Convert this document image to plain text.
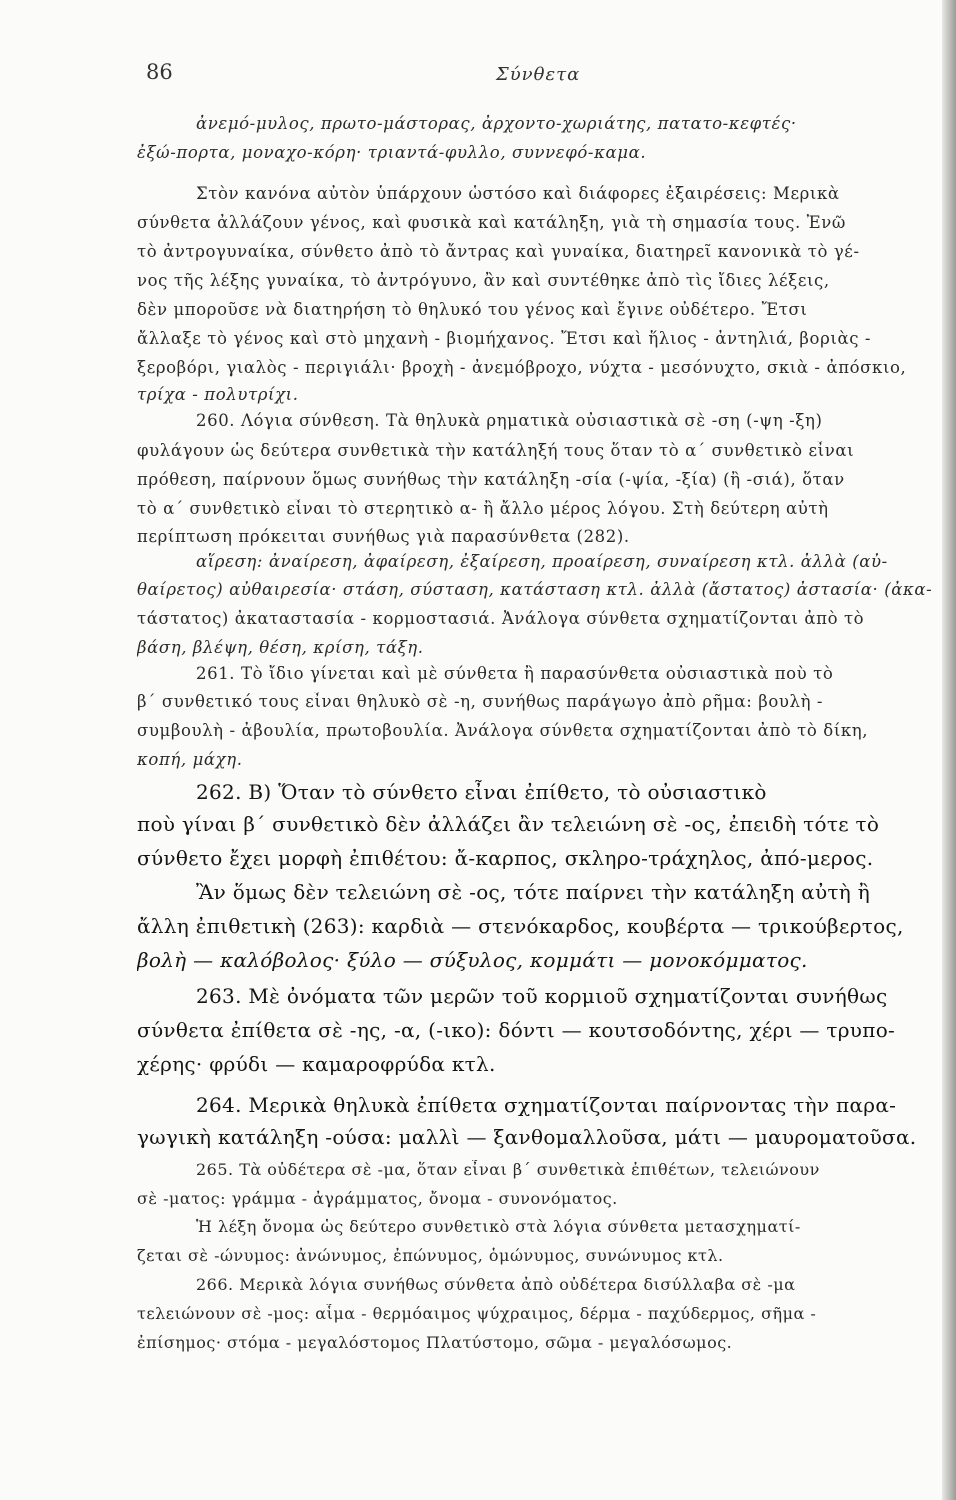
86	Σύνθετα
ἀνεμό-μυλος, πρωτο-μάστορας, ἀρχοντο-χωριάτης, πατατο-κεφτές·
ἐξώ-πορτα, μοναχο-κόρη· τριαντά-φυλλο, συννεφό-καμα.
Στὸν κανόνα αὐτὸν ὑπάρχουν ὡστόσο καὶ διάφορες ἐξαιρέσεις: Μερικὰ
σύνθετα ἀλλάζουν γένος, καὶ φυσικὰ καὶ κατάληξη, γιὰ τὴ σημασία τους. Ἐνῶ
τὸ ἀντρογυναίκα, σύνθετο ἀπὸ τὸ ἄντρας καὶ γυναίκα, διατηρεῖ κανονικὰ τὸ γέ-
νος τῆς λέξης γυναίκα, τὸ ἀντρόγυνο, ἂν καὶ συντέθηκε ἀπὸ τὶς ἴδιες λέξεις,
δὲν μποροῦσε νὰ διατηρήση τὸ θηλυκό του γένος καὶ ἔγινε οὐδέτερο. Ἔτσι
ἄλλαξε τὸ γένος καὶ στὸ μηχανὴ - βιομήχανος. Ἔτσι καὶ ἥλιος - ἀντηλιά, βοριὰς -
ξεροβόρι, γιαλὸς - περιγιάλι· βροχὴ - ἀνεμόβροχο, νύχτα - μεσόνυχτο, σκιὰ - ἀπόσκιο,
τρίχα - πολυτρίχι.
260. Λόγια σύνθεση. Τὰ θηλυκὰ ρηματικὰ οὐσιαστικὰ σὲ -ση (-ψη -ξη)
φυλάγουν ὡς δεύτερα συνθετικὰ τὴν κατάληξή τους ὅταν τὸ α΄ συνθετικὸ εἶναι
πρόθεση, παίρνουν ὅμως συνήθως τὴν κατάληξη -σία (-ψία, -ξία) (ἢ -σιά), ὅταν
τὸ α΄ συνθετικὸ εἶναι τὸ στερητικὸ α- ἢ ἄλλο μέρος λόγου. Στὴ δεύτερη αὐτὴ
περίπτωση πρόκειται συνήθως γιὰ παρασύνθετα (282).
αἵρεση: ἀναίρεση, ἀφαίρεση, ἐξαίρεση, προαίρεση, συναίρεση κτλ. ἀλλὰ (αὐ-
θαίρετος) αὐθαιρεσία· στάση, σύσταση, κατάσταση κτλ. ἀλλὰ (ἄστατος) ἀστασία· (ἀκα-
τάστατος) ἀκαταστασία - κορμοστασιά. Ἀνάλογα σύνθετα σχηματίζονται ἀπὸ τὸ
βάση, βλέψη, θέση, κρίση, τάξη.
261. Τὸ ἴδιο γίνεται καὶ μὲ σύνθετα ἢ παρασύνθετα οὐσιαστικὰ ποὺ τὸ
β΄ συνθετικό τους εἶναι θηλυκὸ σὲ -η, συνήθως παράγωγο ἀπὸ ρῆμα: βουλὴ -
συμβουλὴ - ἀβουλία, πρωτοβουλία. Ἀνάλογα σύνθετα σχηματίζονται ἀπὸ τὸ δίκη,
κοπή, μάχη.
262. Β) Ὅταν τὸ σύνθετο εἶναι ἐπίθετο, τὸ οὐσιαστικὸ
ποὺ γίναι β΄ συνθετικὸ δὲν ἀλλάζει ἂν τελειώνη σὲ -ος, ἐπειδὴ τότε τὸ
σύνθετο ἔχει μορφὴ ἐπιθέτου: ἄ-καρπος, σκληρο-τράχηλος, ἀπό-μερος.
Ἂν ὅμως δὲν τελειώνη σὲ -ος, τότε παίρνει τὴν κατάληξη αὐτὴ ἢ
ἄλλη ἐπιθετικὴ (263): καρδιὰ — στενόκαρδος, κουβέρτα — τρικούβερτος,
βολὴ — καλόβολος· ξύλο — σύξυλος, κομμάτι — μονοκόμματος.
263. Μὲ ὀνόματα τῶν μερῶν τοῦ κορμιοῦ σχηματίζονται συνήθως
σύνθετα ἐπίθετα σὲ -ης, -α, (-ικο): δόντι — κουτσοδόντης, χέρι — τρυπο-
χέρης· φρύδι — καμαροφρύδα κτλ.
264. Μερικὰ θηλυκὰ ἐπίθετα σχηματίζονται παίρνοντας τὴν παρα-
γωγικὴ κατάληξη -ούσα: μαλλὶ — ξανθομαλλοῦσα, μάτι — μαυροματοῦσα.
265. Τὰ οὐδέτερα σὲ -μα, ὅταν εἶναι β΄ συνθετικὰ ἐπιθέτων, τελειώνουν
σὲ -ματος: γράμμα - ἀγράμματος, ὄνομα - συνονόματος.
Ἡ λέξη ὄνομα ὡς δεύτερο συνθετικὸ στὰ λόγια σύνθετα μετασχηματί-
ζεται σὲ -ώνυμος: ἀνώνυμος, ἐπώνυμος, ὁμώνυμος, συνώνυμος κτλ.
266. Μερικὰ λόγια συνήθως σύνθετα ἀπὸ οὐδέτερα δισύλλαβα σὲ -μα
τελειώνουν σὲ -μος: αἷμα - θερμόαιμος ψύχραιμος, δέρμα - παχύδερμος, σῆμα -
ἐπίσημος· στόμα - μεγαλόστομος Πλατύστομο, σῶμα - μεγαλόσωμος.
